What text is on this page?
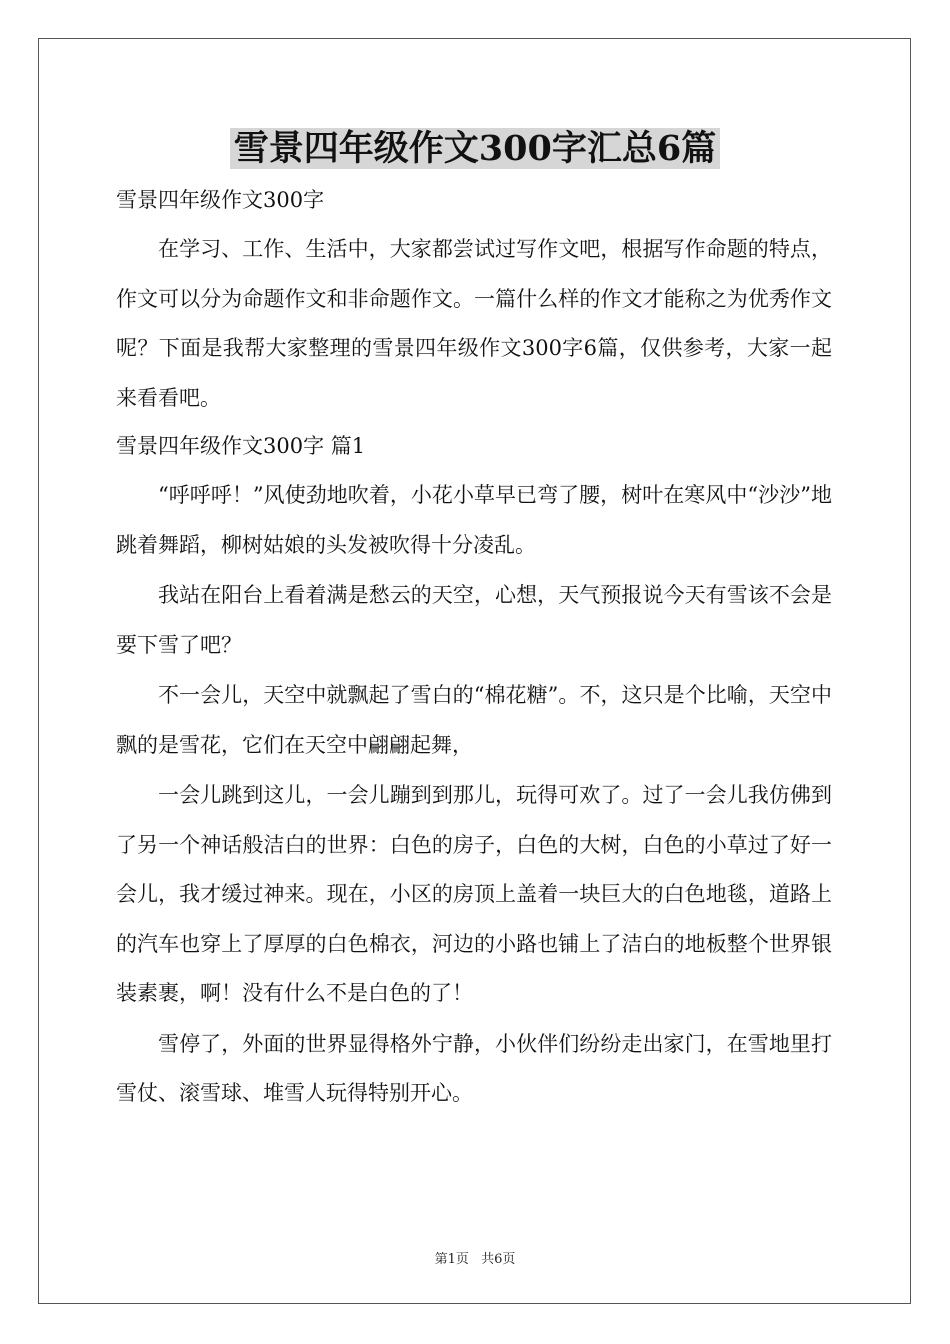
雪景四年级作文300字汇总6篇
雪景四年级作文300字

在学习、工作、生活中，大家都尝试过写作文吧，根据写作命题的特点，作文可以分为命题作文和非命题作文。一篇什么样的作文才能称之为优秀作文呢？下面是我帮大家整理的雪景四年级作文300字6篇，仅供参考，大家一起来看看吧。

雪景四年级作文300字 篇1

“呼呼呼！”风使劲地吹着，小花小草早已弯了腰，树叶在寒风中“沙沙”地跳着舞蹈，柳树姑娘的头发被吹得十分凌乱。

我站在阳台上看着满是愁云的天空，心想，天气预报说今天有雪该不会是要下雪了吧？

不一会儿，天空中就飘起了雪白的“棉花糖”。不，这只是个比喻，天空中飘的是雪花，它们在天空中翩翩起舞，

一会儿跳到这儿，一会儿蹦到到那儿，玩得可欢了。过了一会儿我仿佛到了另一个神话般洁白的世界：白色的房子，白色的大树，白色的小草过了好一会儿，我才缓过神来。现在，小区的房顶上盖着一块巨大的白色地毯，道路上的汽车也穿上了厚厚的白色棉衣，河边的小路也铺上了洁白的地板整个世界银装素裹，啊！没有什么不是白色的了！

雪停了，外面的世界显得格外宁静，小伙伴们纷纷走出家门，在雪地里打雪仗、滚雪球、堆雪人玩得特别开心。

第1页 共6页
